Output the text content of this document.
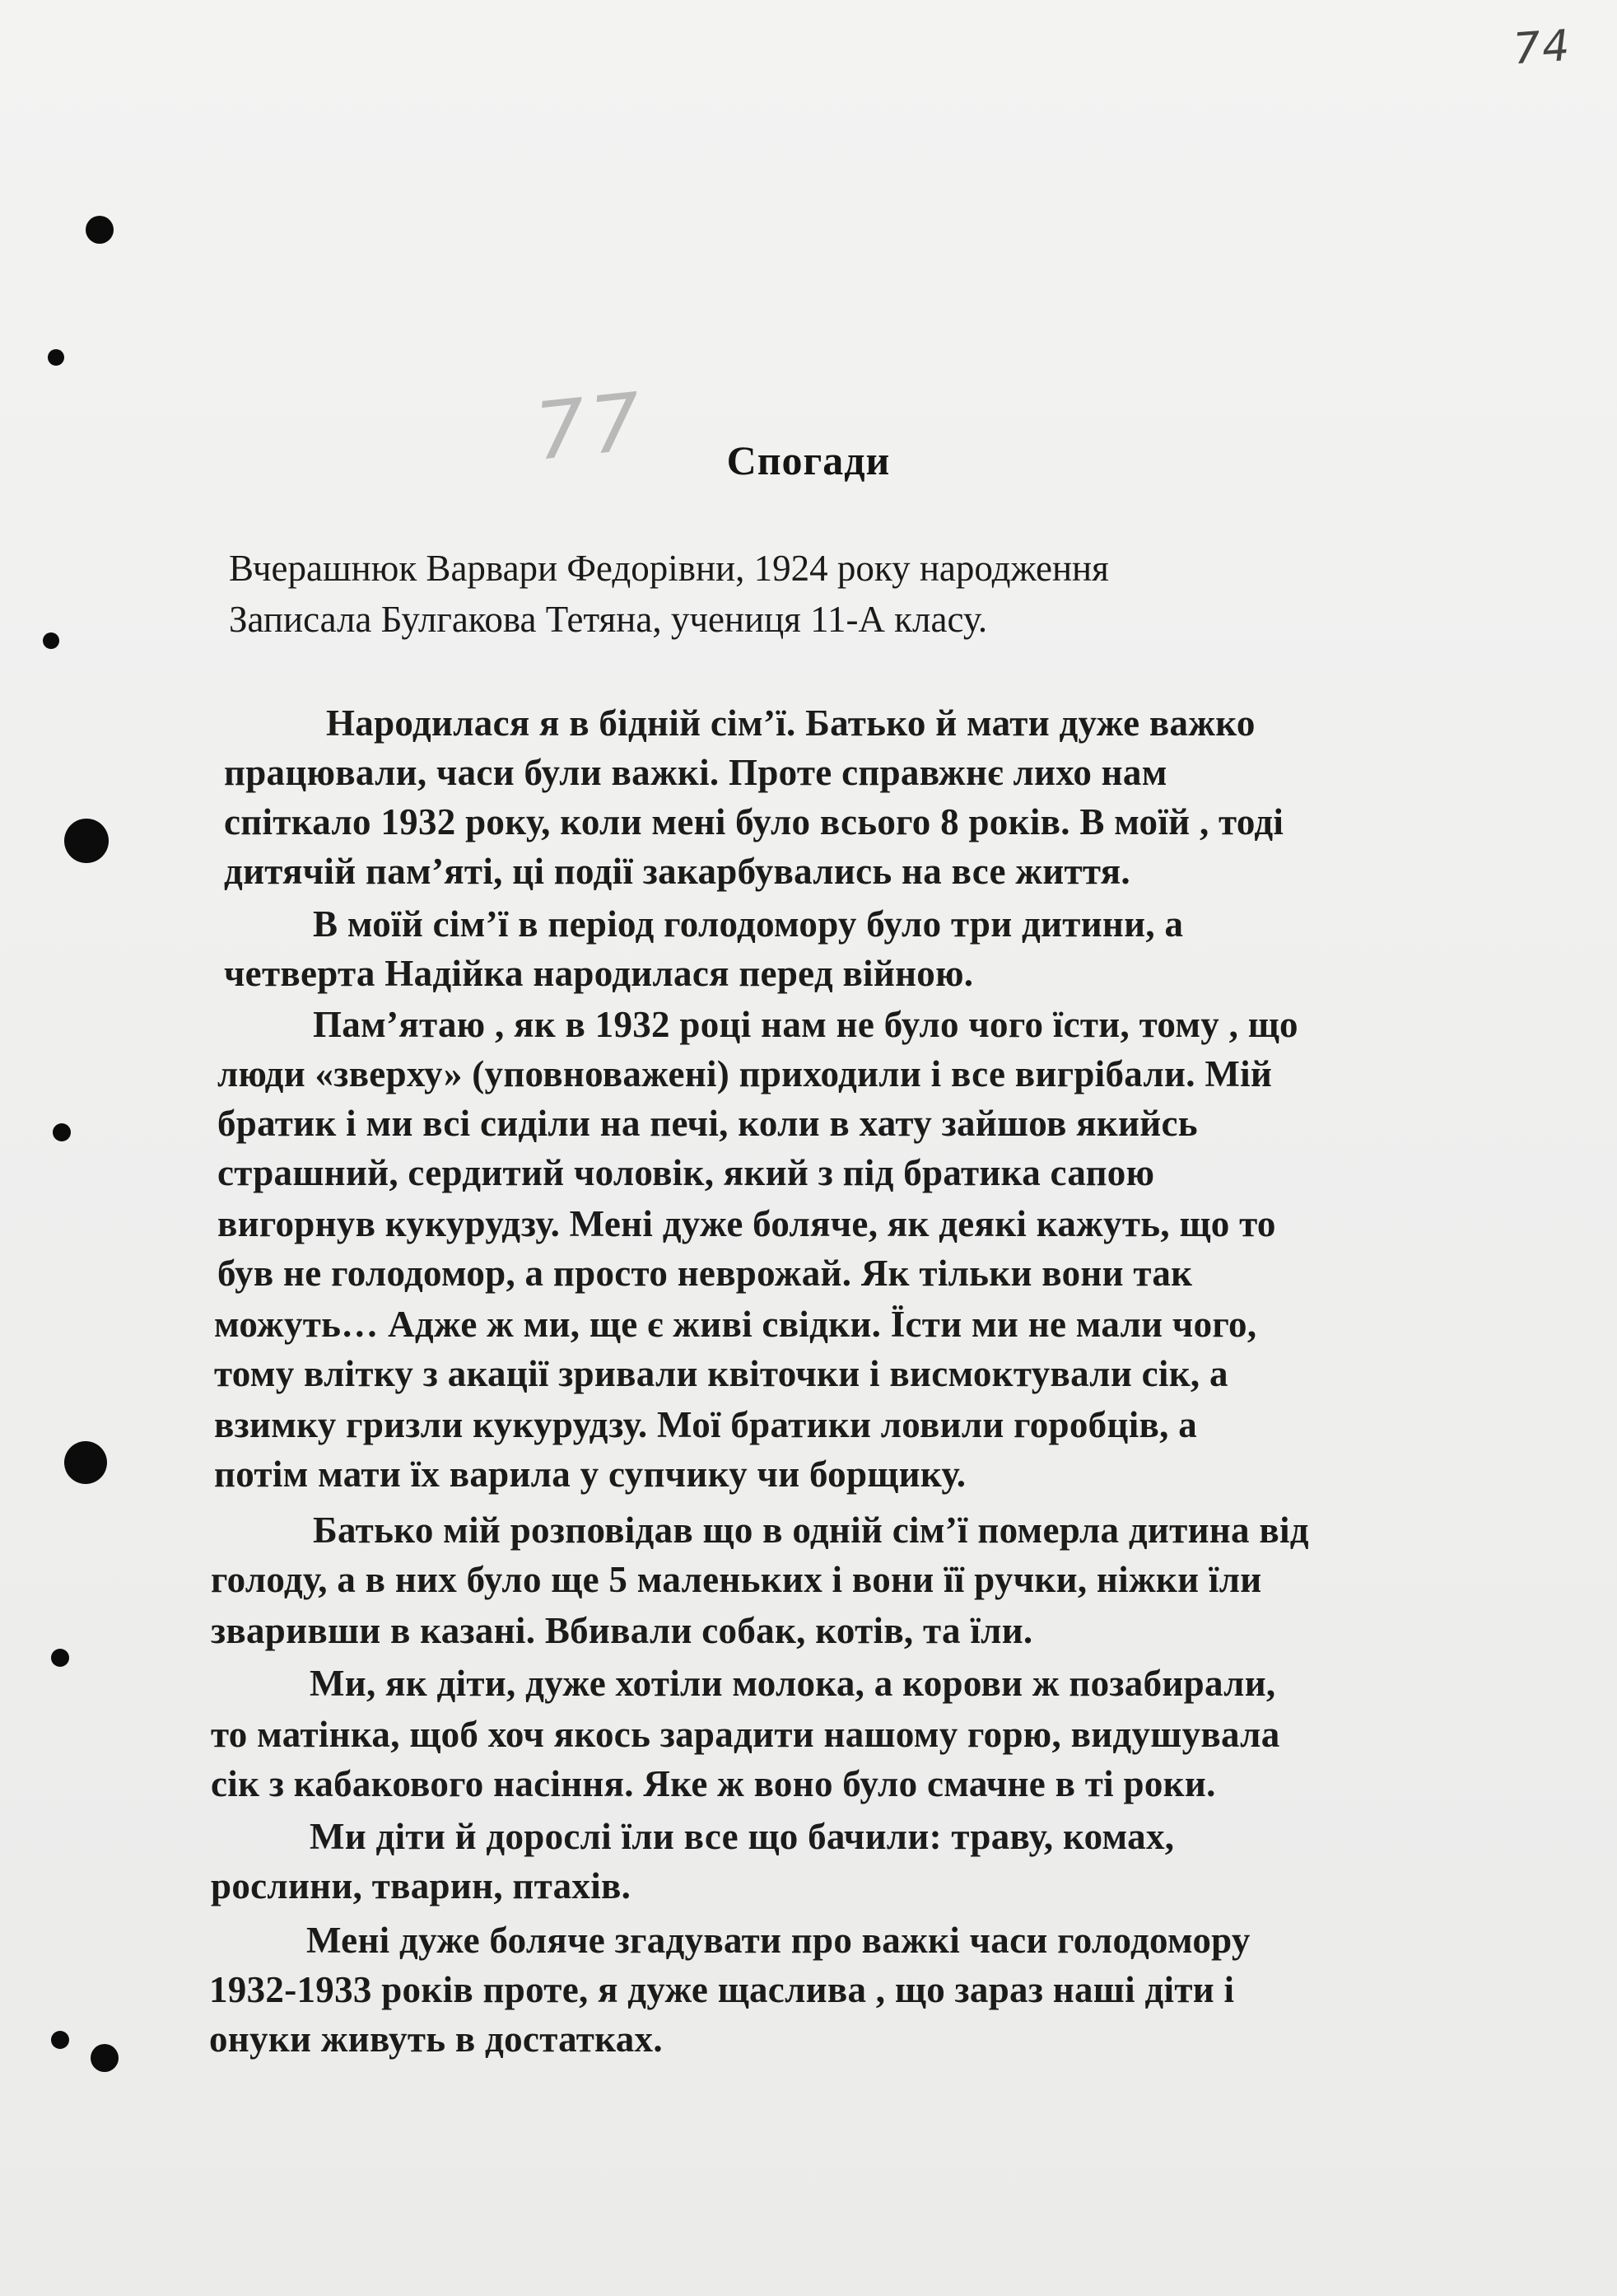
74
77	Спогади
Вчерашнюк Варвари Федорівни, 1924 року народження
Записала Булгакова Тетяна, учениця 11-А класу.
Народилася я в бідній сім’ї. Батько й мати дуже важко
працювали, часи були важкі. Проте справжнє лихо нам
спіткало 1932 року, коли мені було всього 8 років. В моїй , тоді
дитячій пам’яті, ці події закарбувались на все життя.
В моїй сім’ї в період голодомору було три дитини, а
четверта Надійка народилася перед війною.
Пам’ятаю , як в 1932 році нам не було чого їсти, тому , що
люди «зверху» (уповноважені) приходили і все вигрібали. Мій
братик і ми всі сиділи на печі, коли в хату зайшов якийсь
страшний, сердитий чоловік, який з під братика сапою
вигорнув кукурудзу. Мені дуже боляче, як деякі кажуть, що то
був не голодомор, а просто неврожай. Як тільки вони так
можуть… Адже ж ми, ще є живі свідки. Їсти ми не мали чого,
тому влітку з акації зривали квіточки і висмоктували сік, а
взимку гризли кукурудзу. Мої братики ловили горобців, а
потім мати їх варила у супчику чи борщику.
Батько мій розповідав що в одній сім’ї померла дитина від
голоду, а в них було ще 5 маленьких і вони її ручки, ніжки їли
зваривши в казані. Вбивали собак, котів, та їли.
Ми, як діти, дуже хотіли молока, а корови ж позабирали,
то матінка, щоб хоч якось зарадити нашому горю, видушувала
сік з кабакового насіння. Яке ж воно було смачне в ті роки.
Ми діти й дорослі їли все що бачили: траву, комах,
рослини, тварин, птахів.
Мені дуже боляче згадувати про важкі часи голодомору
1932-1933 років проте, я дуже щаслива , що зараз наші діти і
онуки живуть в достатках.
